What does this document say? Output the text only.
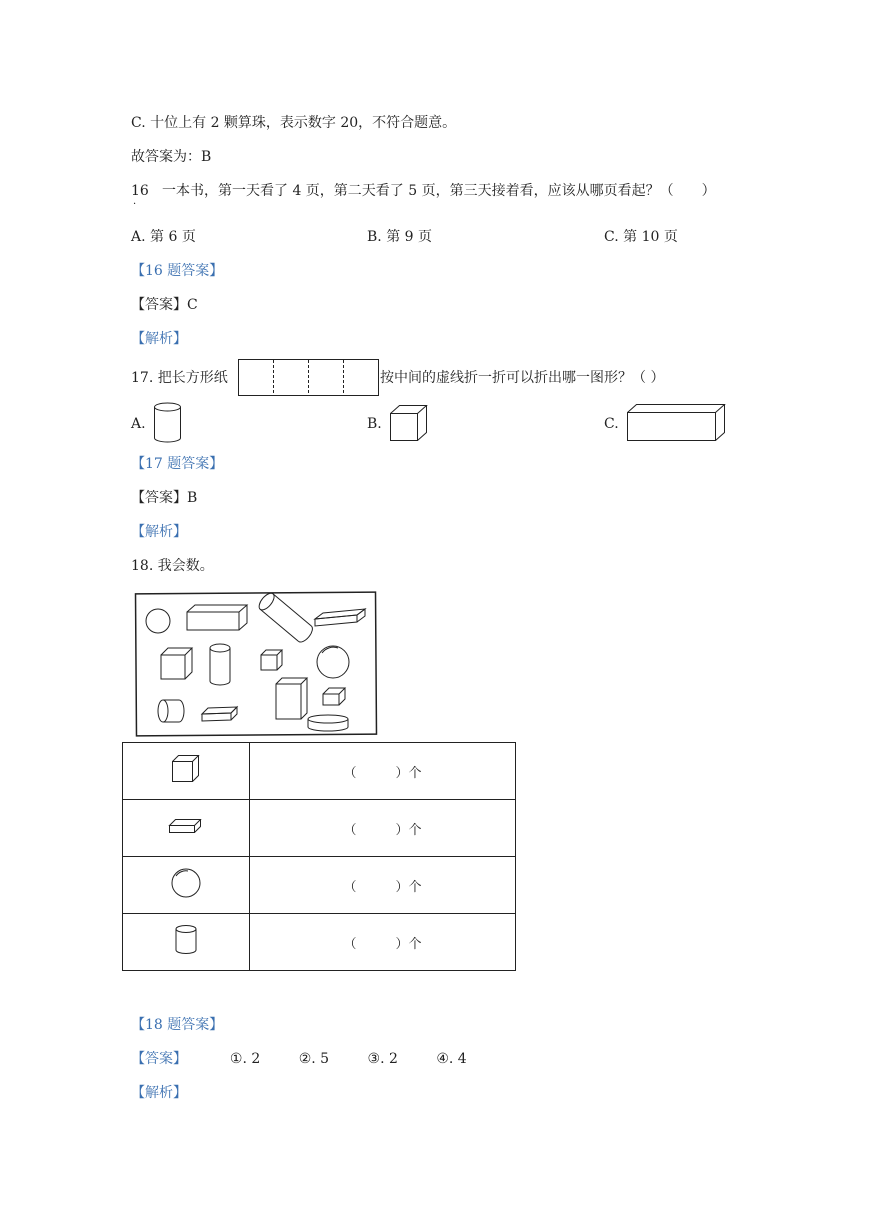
C. 十位上有 2 颗算珠，表示数字 20，不符合题意。
故答案为：B
16
·
一本书，第一天看了 4 页，第二天看了 5 页，第三天接着看，应该从哪页看起？（　　）
A. 第 6 页	B. 第 9 页	C. 第 10 页
【16 题答案】
【答案】C
【解析】
17. 把长方形纸	按中间的虚线折一折可以折出哪一图形？（ ）
A.	B.	C.
【17 题答案】
【答案】B
【解析】
18. 我会数。
	（　　　）个
	（　　　）个
	（　　　）个
	（　　　）个
【18 题答案】
【答案】	①. 2	②. 5	③. 2	④. 4
【解析】
